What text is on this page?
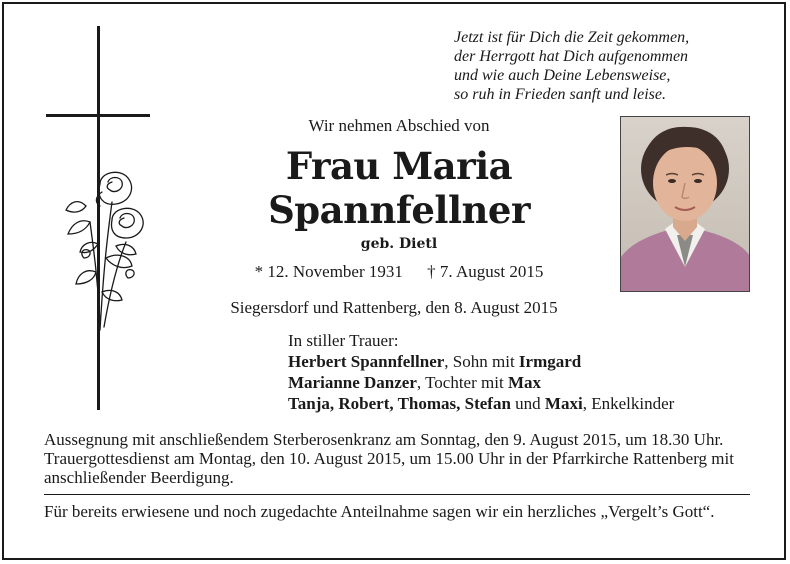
Jetzt ist für Dich die Zeit gekommen,
der Herrgott hat Dich aufgenommen
und wie auch Deine Lebensweise,
so ruh in Frieden sanft und leise.
Wir nehmen Abschied von
Frau Maria
Spannfellner
geb. Dietl
* 12. November 1931 † 7. August 2015
Siegersdorf und Rattenberg, den 8. August 2015
In stiller Trauer:
Herbert Spannfellner, Sohn mit Irmgard
Marianne Danzer, Tochter mit Max
Tanja, Robert, Thomas, Stefan und Maxi, Enkelkinder
Aussegnung mit anschließendem Sterberosenkranz am Sonntag, den 9. August 2015, um 18.30 Uhr. Trauergottesdienst am Montag, den 10. August 2015, um 15.00 Uhr in der Pfarrkirche Rattenberg mit anschließender Beerdigung.
Für bereits erwiesene und noch zugedachte Anteilnahme sagen wir ein herzliches „Vergelt’s Gott“.
